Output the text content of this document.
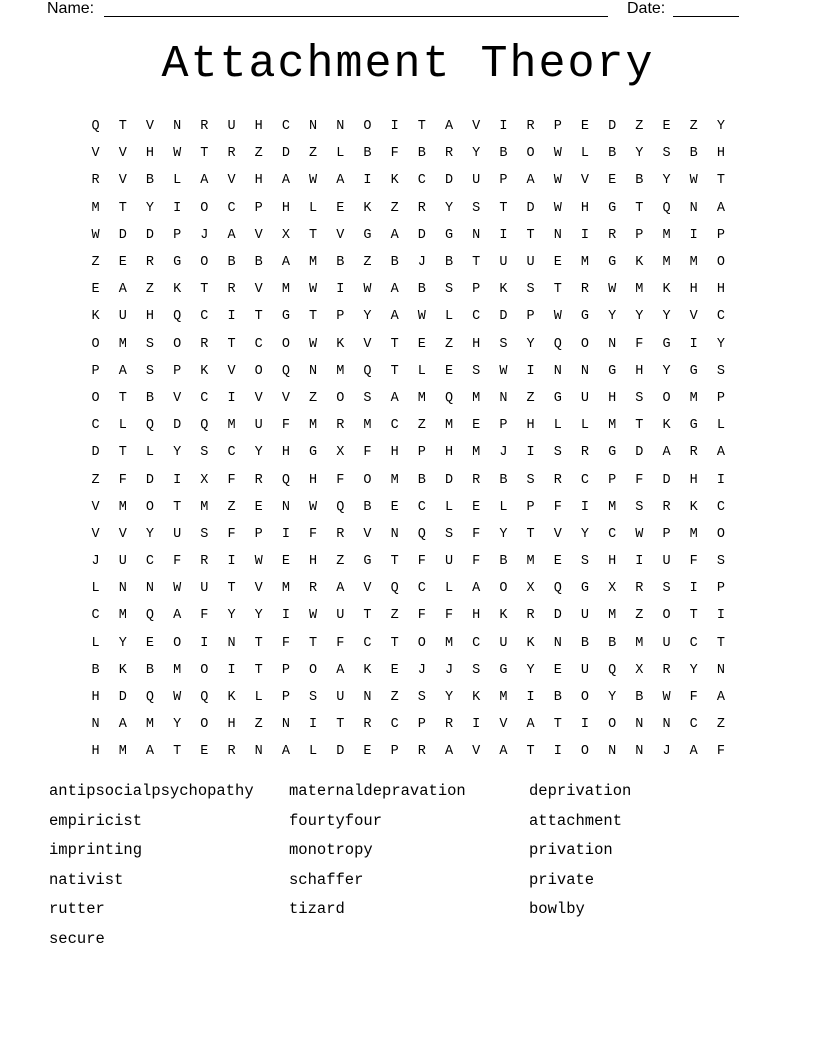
Name:	Date:
Attachment Theory
Q	T	V	N	R	U	H	C	N	N	O	I	T	A	V	I	R	P	E	D	Z	E	Z	Y
V	V	H	W	T	R	Z	D	Z	L	B	F	B	R	Y	B	O	W	L	B	Y	S	B	H
R	V	B	L	A	V	H	A	W	A	I	K	C	D	U	P	A	W	V	E	B	Y	W	T
M	T	Y	I	O	C	P	H	L	E	K	Z	R	Y	S	T	D	W	H	G	T	Q	N	A
W	D	D	P	J	A	V	X	T	V	G	A	D	G	N	I	T	N	I	R	P	M	I	P
Z	E	R	G	O	B	B	A	M	B	Z	B	J	B	T	U	U	E	M	G	K	M	M	O
E	A	Z	K	T	R	V	M	W	I	W	A	B	S	P	K	S	T	R	W	M	K	H	H
K	U	H	Q	C	I	T	G	T	P	Y	A	W	L	C	D	P	W	G	Y	Y	Y	V	C
O	M	S	O	R	T	C	O	W	K	V	T	E	Z	H	S	Y	Q	O	N	F	G	I	Y
P	A	S	P	K	V	O	Q	N	M	Q	T	L	E	S	W	I	N	N	G	H	Y	G	S
O	T	B	V	C	I	V	V	Z	O	S	A	M	Q	M	N	Z	G	U	H	S	O	M	P
C	L	Q	D	Q	M	U	F	M	R	M	C	Z	M	E	P	H	L	L	M	T	K	G	L
D	T	L	Y	S	C	Y	H	G	X	F	H	P	H	M	J	I	S	R	G	D	A	R	A
Z	F	D	I	X	F	R	Q	H	F	O	M	B	D	R	B	S	R	C	P	F	D	H	I
V	M	O	T	M	Z	E	N	W	Q	B	E	C	L	E	L	P	F	I	M	S	R	K	C
V	V	Y	U	S	F	P	I	F	R	V	N	Q	S	F	Y	T	V	Y	C	W	P	M	O
J	U	C	F	R	I	W	E	H	Z	G	T	F	U	F	B	M	E	S	H	I	U	F	S
L	N	N	W	U	T	V	M	R	A	V	Q	C	L	A	O	X	Q	G	X	R	S	I	P
C	M	Q	A	F	Y	Y	I	W	U	T	Z	F	F	H	K	R	D	U	M	Z	O	T	I
L	Y	E	O	I	N	T	F	T	F	C	T	O	M	C	U	K	N	B	B	M	U	C	T
B	K	B	M	O	I	T	P	O	A	K	E	J	J	S	G	Y	E	U	Q	X	R	Y	N
H	D	Q	W	Q	K	L	P	S	U	N	Z	S	Y	K	M	I	B	O	Y	B	W	F	A
N	A	M	Y	O	H	Z	N	I	T	R	C	P	R	I	V	A	T	I	O	N	N	C	Z
H	M	A	T	E	R	N	A	L	D	E	P	R	A	V	A	T	I	O	N	N	J	A	F
antipsocialpsychopathy	maternaldepravation	deprivation
empiricist	fourtyfour	attachment
imprinting	monotropy	privation
nativist	schaffer	private
rutter	tizard	bowlby
secure
